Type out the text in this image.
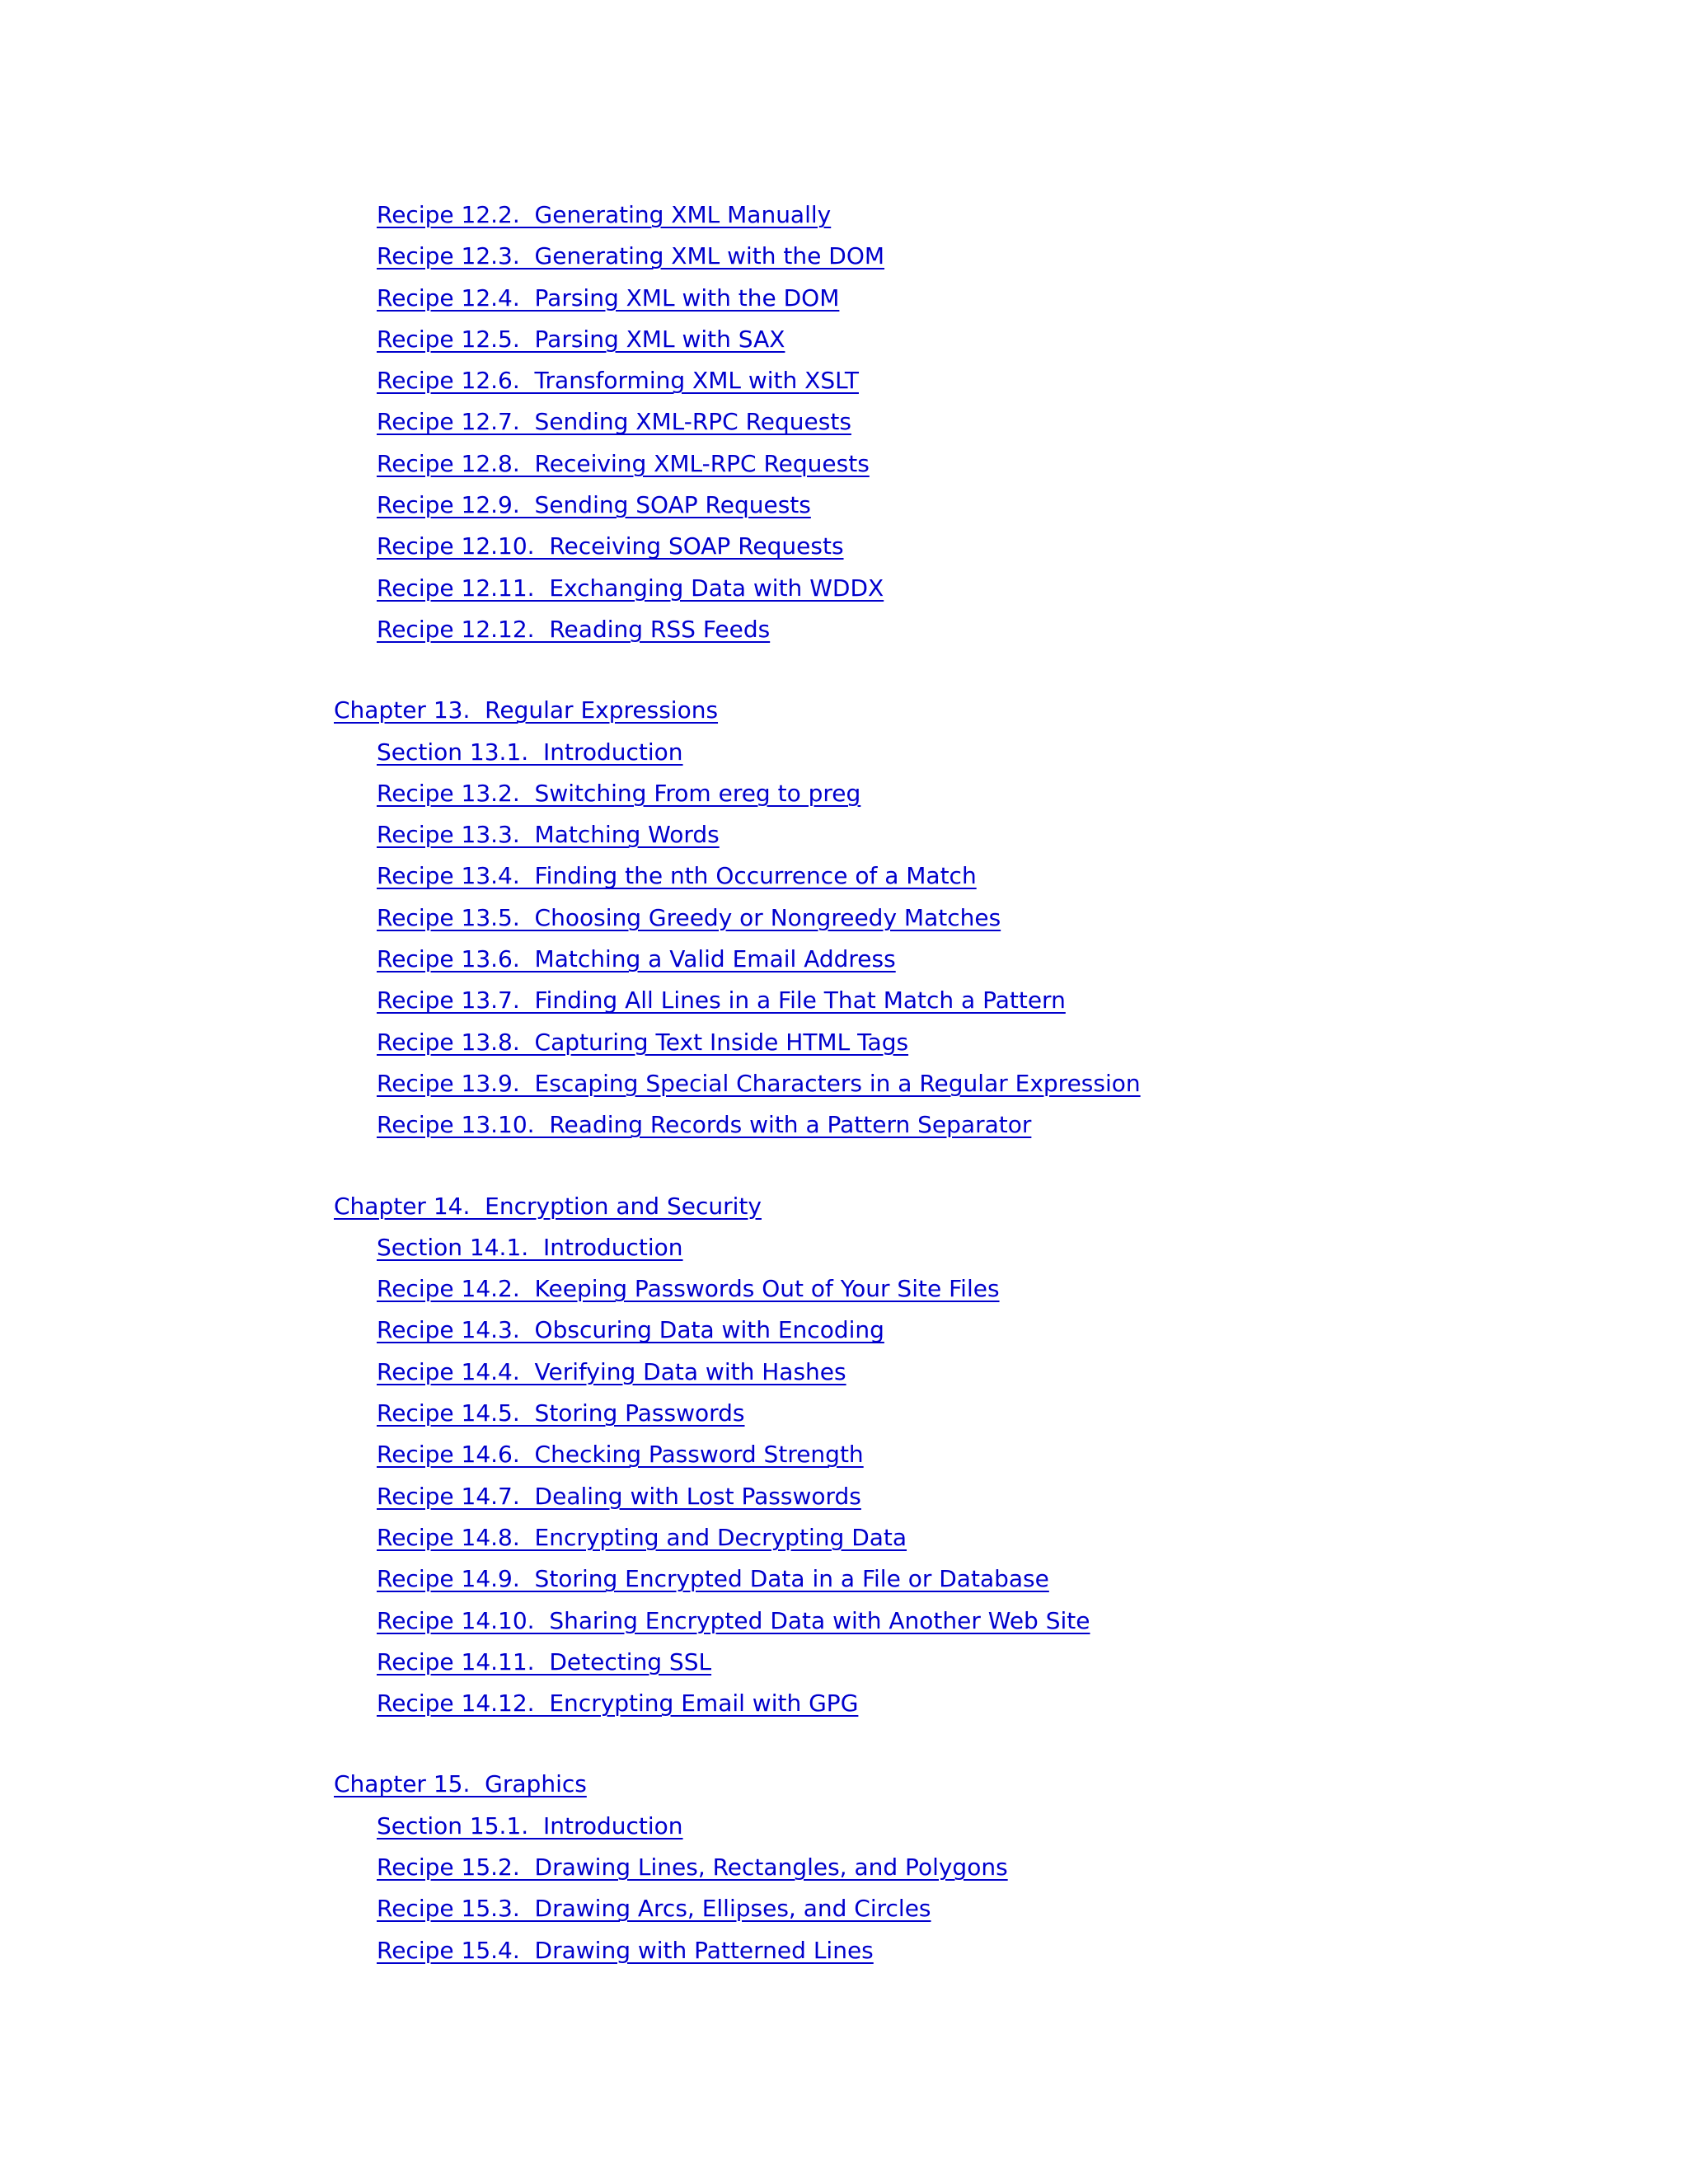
Recipe 12.2.  Generating XML Manually
Recipe 12.3.  Generating XML with the DOM
Recipe 12.4.  Parsing XML with the DOM
Recipe 12.5.  Parsing XML with SAX
Recipe 12.6.  Transforming XML with XSLT
Recipe 12.7.  Sending XML-RPC Requests
Recipe 12.8.  Receiving XML-RPC Requests
Recipe 12.9.  Sending SOAP Requests
Recipe 12.10.  Receiving SOAP Requests
Recipe 12.11.  Exchanging Data with WDDX
Recipe 12.12.  Reading RSS Feeds
Chapter 13.  Regular Expressions
Section 13.1.  Introduction
Recipe 13.2.  Switching From ereg to preg
Recipe 13.3.  Matching Words
Recipe 13.4.  Finding the nth Occurrence of a Match
Recipe 13.5.  Choosing Greedy or Nongreedy Matches
Recipe 13.6.  Matching a Valid Email Address
Recipe 13.7.  Finding All Lines in a File That Match a Pattern
Recipe 13.8.  Capturing Text Inside HTML Tags
Recipe 13.9.  Escaping Special Characters in a Regular Expression
Recipe 13.10.  Reading Records with a Pattern Separator
Chapter 14.  Encryption and Security
Section 14.1.  Introduction
Recipe 14.2.  Keeping Passwords Out of Your Site Files
Recipe 14.3.  Obscuring Data with Encoding
Recipe 14.4.  Verifying Data with Hashes
Recipe 14.5.  Storing Passwords
Recipe 14.6.  Checking Password Strength
Recipe 14.7.  Dealing with Lost Passwords
Recipe 14.8.  Encrypting and Decrypting Data
Recipe 14.9.  Storing Encrypted Data in a File or Database
Recipe 14.10.  Sharing Encrypted Data with Another Web Site
Recipe 14.11.  Detecting SSL
Recipe 14.12.  Encrypting Email with GPG
Chapter 15.  Graphics
Section 15.1.  Introduction
Recipe 15.2.  Drawing Lines, Rectangles, and Polygons
Recipe 15.3.  Drawing Arcs, Ellipses, and Circles
Recipe 15.4.  Drawing with Patterned Lines
